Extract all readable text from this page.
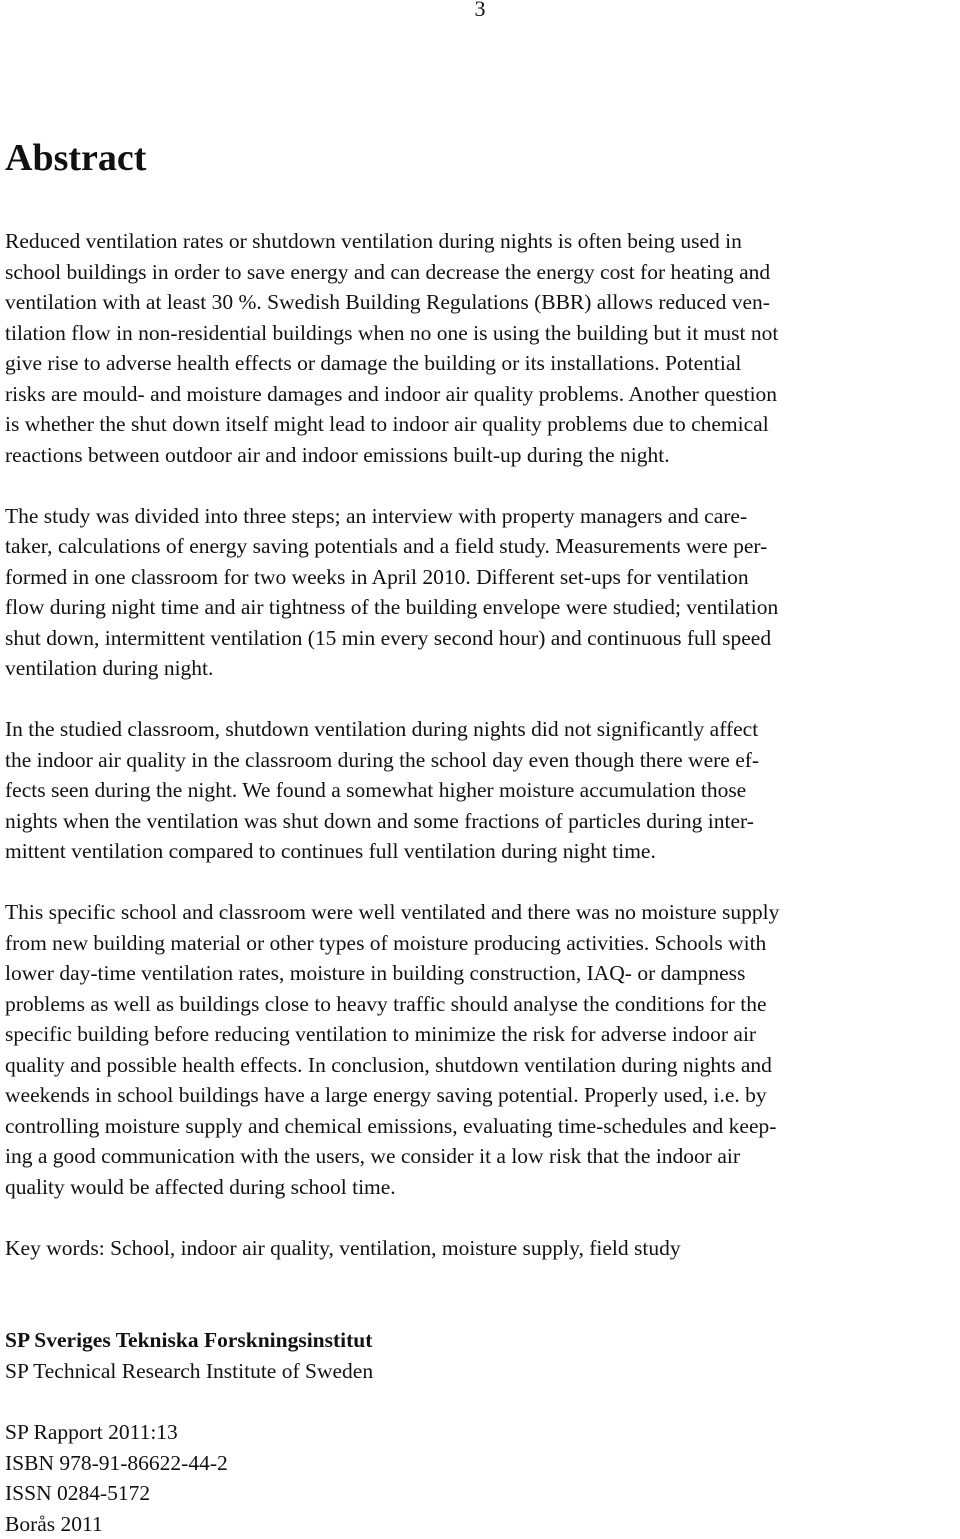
3
Abstract

Reduced ventilation rates or shutdown ventilation during nights is often being used in
school buildings in order to save energy and can decrease the energy cost for heating and
ventilation with at least 30 %. Swedish Building Regulations (BBR) allows reduced ven-
tilation flow in non-residential buildings when no one is using the building but it must not
give rise to adverse health effects or damage the building or its installations. Potential
risks are mould- and moisture damages and indoor air quality problems. Another question
is whether the shut down itself might lead to indoor air quality problems due to chemical
reactions between outdoor air and indoor emissions built-up during the night.

The study was divided into three steps; an interview with property managers and care-
taker, calculations of energy saving potentials and a field study. Measurements were per-
formed in one classroom for two weeks in April 2010. Different set-ups for ventilation
flow during night time and air tightness of the building envelope were studied; ventilation
shut down, intermittent ventilation (15 min every second hour) and continuous full speed
ventilation during night.

In the studied classroom, shutdown ventilation during nights did not significantly affect
the indoor air quality in the classroom during the school day even though there were ef-
fects seen during the night. We found a somewhat higher moisture accumulation those
nights when the ventilation was shut down and some fractions of particles during inter-
mittent ventilation compared to continues full ventilation during night time.

This specific school and classroom were well ventilated and there was no moisture supply
from new building material or other types of moisture producing activities. Schools with
lower day-time ventilation rates, moisture in building construction, IAQ- or dampness
problems as well as buildings close to heavy traffic should analyse the conditions for the
specific building before reducing ventilation to minimize the risk for adverse indoor air
quality and possible health effects. In conclusion, shutdown ventilation during nights and
weekends in school buildings have a large energy saving potential. Properly used, i.e. by
controlling moisture supply and chemical emissions, evaluating time-schedules and keep-
ing a good communication with the users, we consider it a low risk that the indoor air
quality would be affected during school time.

Key words: School, indoor air quality, ventilation, moisture supply, field study

SP Sveriges Tekniska Forskningsinstitut
SP Technical Research Institute of Sweden

SP Rapport 2011:13
ISBN 978-91-86622-44-2
ISSN 0284-5172
Borås 2011
